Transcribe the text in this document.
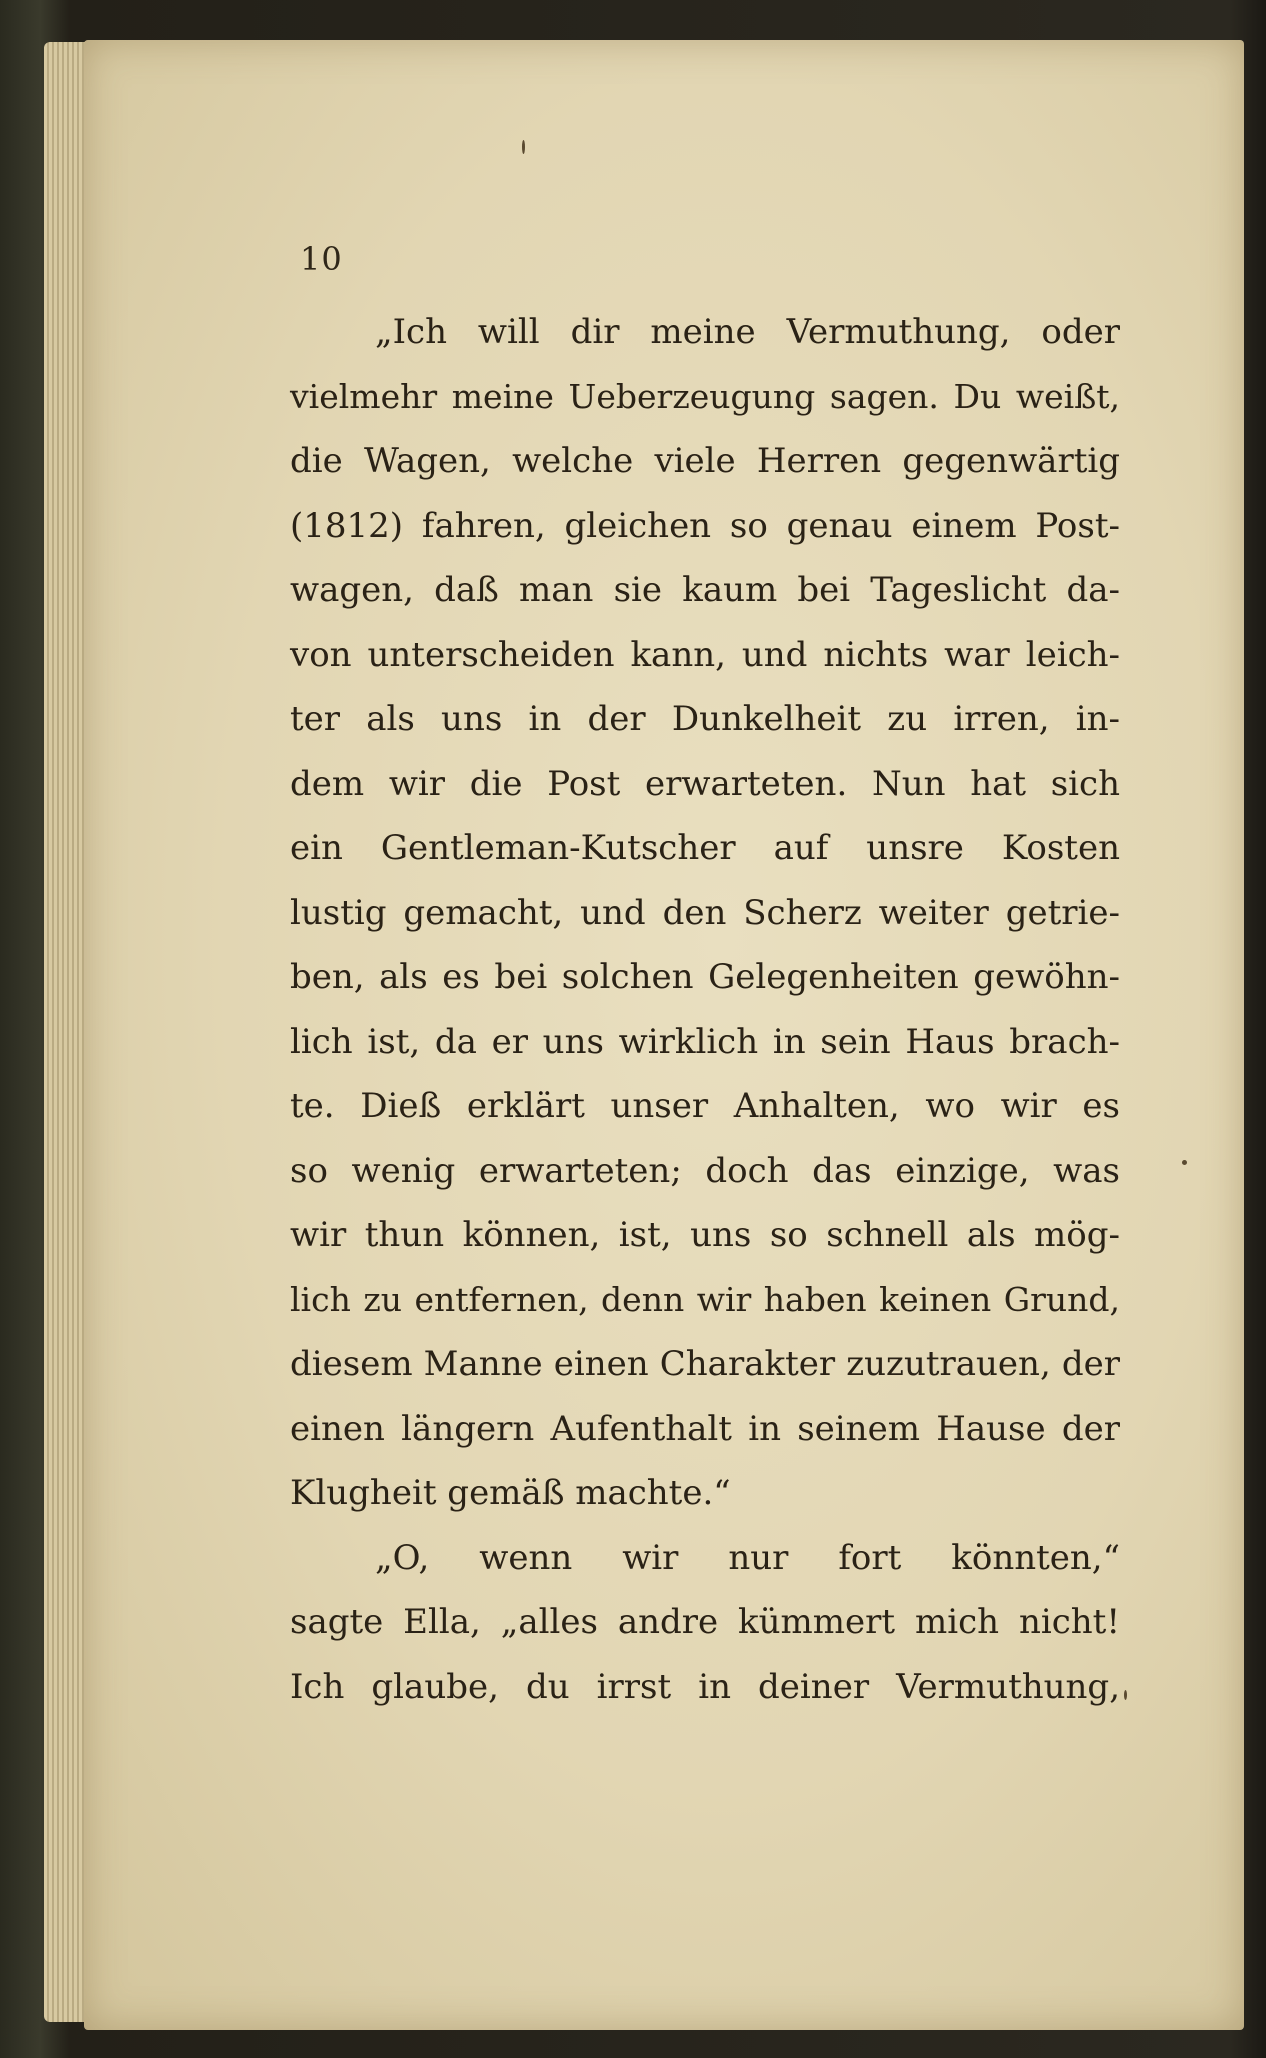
10
„Ich will dir meine Vermuthung, oder
vielmehr meine Ueberzeugung sagen. Du weißt,
die Wagen, welche viele Herren gegenwärtig
(1812) fahren, gleichen so genau einem Post-
wagen, daß man sie kaum bei Tageslicht da-
von unterscheiden kann, und nichts war leich-
ter als uns in der Dunkelheit zu irren, in-
dem wir die Post erwarteten. Nun hat sich
ein Gentleman-Kutscher auf unsre Kosten
lustig gemacht, und den Scherz weiter getrie-
ben, als es bei solchen Gelegenheiten gewöhn-
lich ist, da er uns wirklich in sein Haus brach-
te. Dieß erklärt unser Anhalten, wo wir es
so wenig erwarteten; doch das einzige, was
wir thun können, ist, uns so schnell als mög-
lich zu entfernen, denn wir haben keinen Grund,
diesem Manne einen Charakter zuzutrauen, der
einen längern Aufenthalt in seinem Hause der
Klugheit gemäß machte.“
„O, wenn wir nur fort könnten,“
sagte Ella, „alles andre kümmert mich nicht!
Ich glaube, du irrst in deiner Vermuthung,
